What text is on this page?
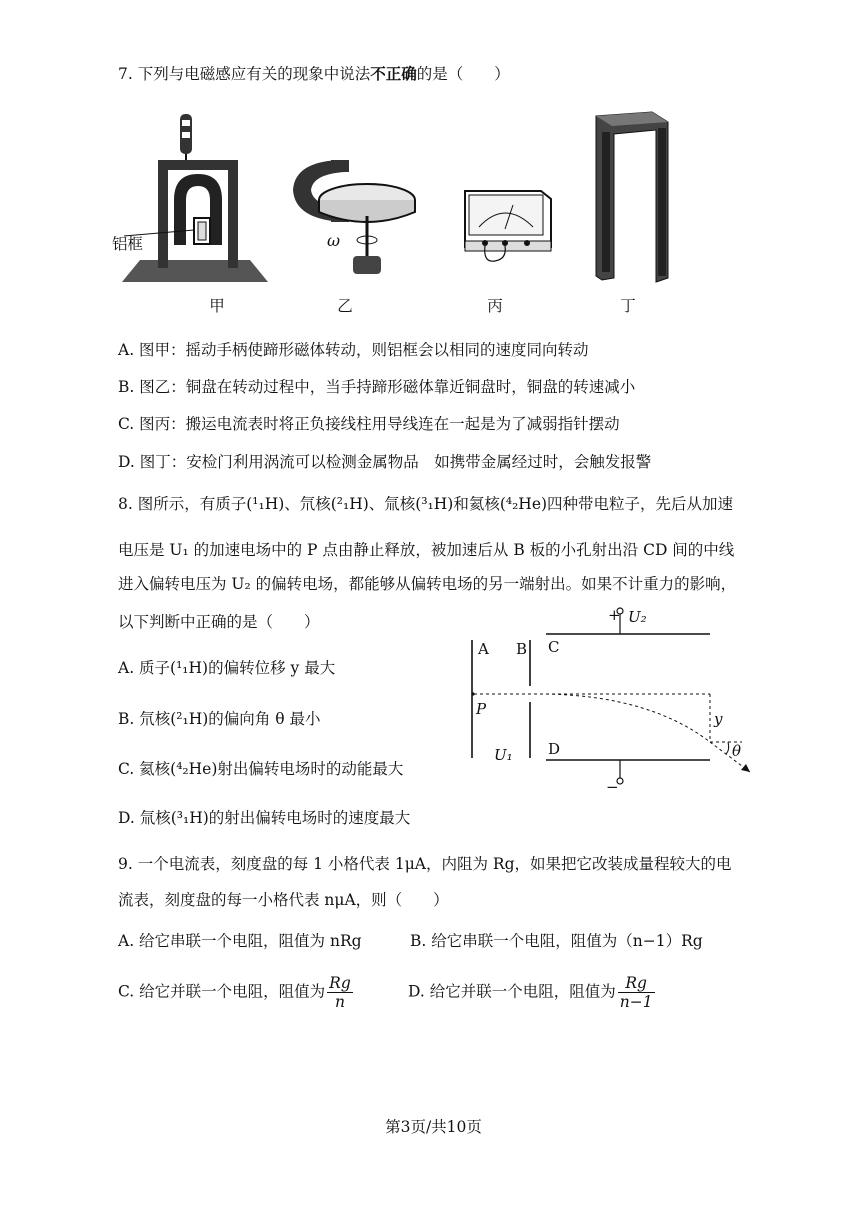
7. 下列与电磁感应有关的现象中说法不正确的是（　　）
铝框	ω
甲	乙	丙	丁
A. 图甲：摇动手柄使蹄形磁体转动，则铝框会以相同的速度同向转动
B. 图乙：铜盘在转动过程中，当手持蹄形磁体靠近铜盘时，铜盘的转速减小
C. 图丙：搬运电流表时将正负接线柱用导线连在一起是为了减弱指针摆动
D. 图丁：安检门利用涡流可以检测金属物品　如携带金属经过时，会触发报警
8. 图所示，有质子(¹₁H)、氘核(²₁H)、氚核(³₁H)和氦核(⁴₂He)四种带电粒子，先后从加速
电压是 U₁ 的加速电场中的 P 点由静止释放，被加速后从 B 板的小孔射出沿 CD 间的中线
进入偏转电压为 U₂ 的偏转电场，都能够从偏转电场的另一端射出。如果不计重力的影响，
以下判断中正确的是（　　）
A. 质子(¹₁H)的偏转位移 y 最大
B. 氘核(²₁H)的偏向角 θ 最小
C. 氦核(⁴₂He)射出偏转电场时的动能最大
D. 氚核(³₁H)的射出偏转电场时的速度最大
+ U₂
−
A B C
D
P
U₁
y
θ
9. 一个电流表，刻度盘的每 1 小格代表 1μA，内阻为 Rg，如果把它改装成量程较大的电
流表，刻度盘的每一小格代表 nμA，则（　　）
A. 给它串联一个电阻，阻值为 nRg	B. 给它串联一个电阻，阻值为（n−1）Rg
C. 给它并联一个电阻，阻值为 $\frac{Rg}{n}$	D. 给它并联一个电阻，阻值为 $\frac{Rg}{n-1}$
第3页/共10页
